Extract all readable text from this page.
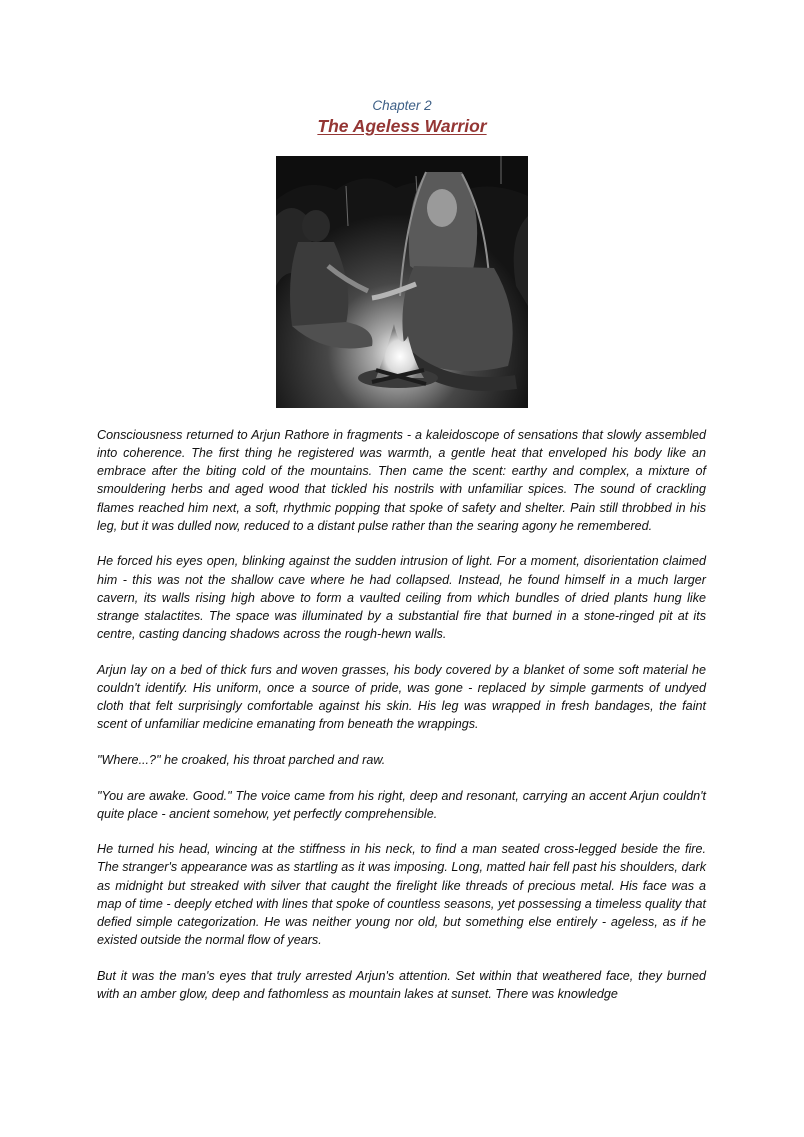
Chapter 2
The Ageless Warrior

Consciousness returned to Arjun Rathore in fragments - a kaleidoscope of sensations that slowly assembled into coherence. The first thing he registered was warmth, a gentle heat that enveloped his body like an embrace after the biting cold of the mountains. Then came the scent: earthy and complex, a mixture of smouldering herbs and aged wood that tickled his nostrils with unfamiliar spices. The sound of crackling flames reached him next, a soft, rhythmic popping that spoke of safety and shelter. Pain still throbbed in his leg, but it was dulled now, reduced to a distant pulse rather than the searing agony he remembered.

He forced his eyes open, blinking against the sudden intrusion of light. For a moment, disorientation claimed him - this was not the shallow cave where he had collapsed. Instead, he found himself in a much larger cavern, its walls rising high above to form a vaulted ceiling from which bundles of dried plants hung like strange stalactites. The space was illuminated by a substantial fire that burned in a stone-ringed pit at its centre, casting dancing shadows across the rough-hewn walls.

Arjun lay on a bed of thick furs and woven grasses, his body covered by a blanket of some soft material he couldn't identify. His uniform, once a source of pride, was gone - replaced by simple garments of undyed cloth that felt surprisingly comfortable against his skin. His leg was wrapped in fresh bandages, the faint scent of unfamiliar medicine emanating from beneath the wrappings.

"Where...?" he croaked, his throat parched and raw.

"You are awake. Good." The voice came from his right, deep and resonant, carrying an accent Arjun couldn't quite place - ancient somehow, yet perfectly comprehensible.

He turned his head, wincing at the stiffness in his neck, to find a man seated cross-legged beside the fire. The stranger's appearance was as startling as it was imposing. Long, matted hair fell past his shoulders, dark as midnight but streaked with silver that caught the firelight like threads of precious metal. His face was a map of time - deeply etched with lines that spoke of countless seasons, yet possessing a timeless quality that defied simple categorization. He was neither young nor old, but something else entirely - ageless, as if he existed outside the normal flow of years.

But it was the man's eyes that truly arrested Arjun's attention. Set within that weathered face, they burned with an amber glow, deep and fathomless as mountain lakes at sunset. There was knowledge
